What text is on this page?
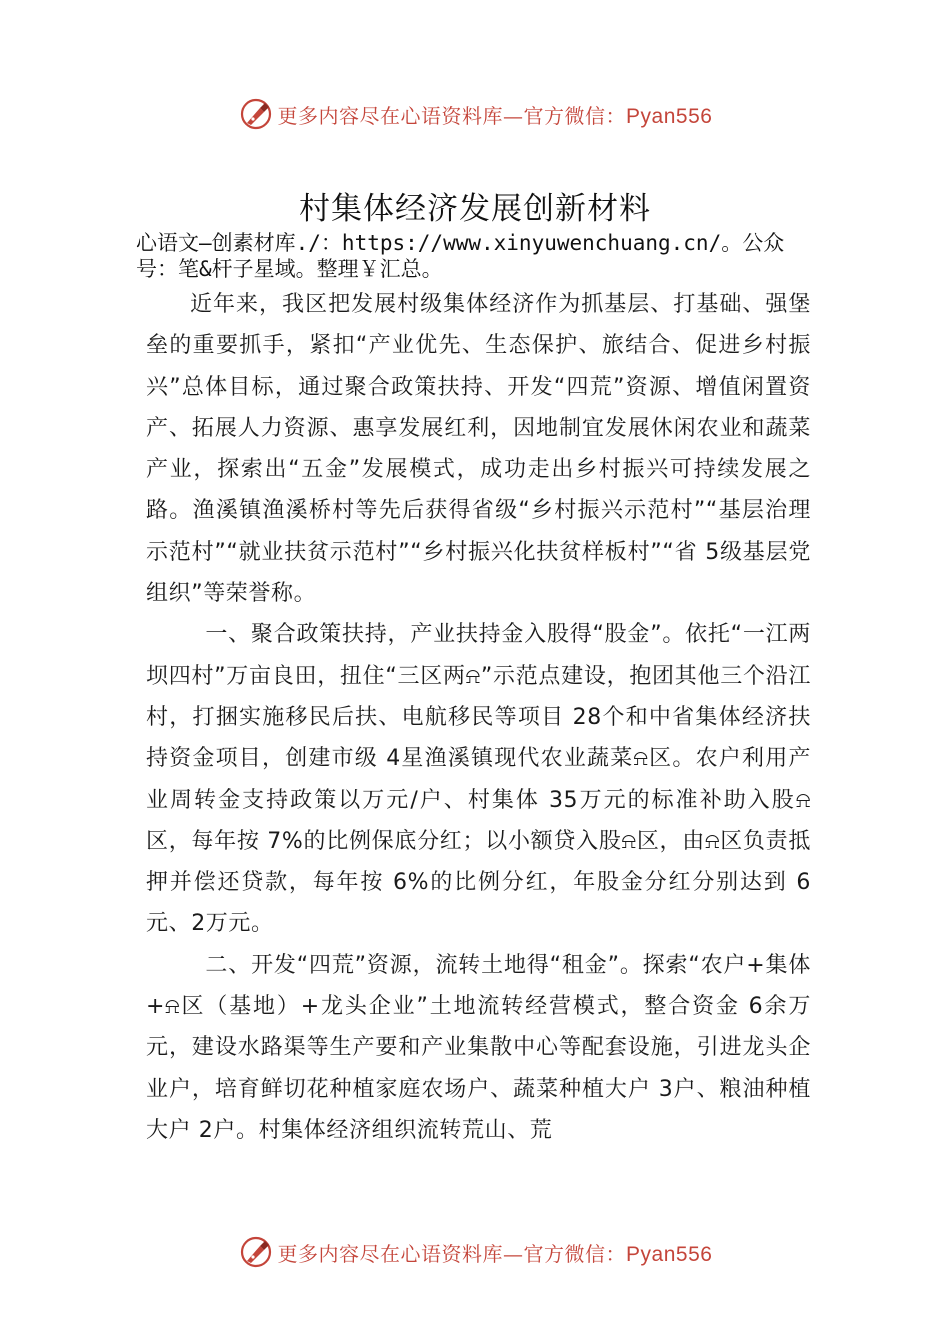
更多内容尽在心语资料库—官方微信：Pyan556
村集体经济发展创新材料

心语文—创素材库./：https://www.xinyuwenchuang.cn/。公众号：笔&杆子星域。整理￥汇总。

近年来，我区把发展村级集体经济作为抓基层、打基础、强堡垒的重要抓手，紧扣“产业优先、生态保护、旅结合、促进乡村振兴”总体目标，通过聚合政策扶持、开发“四荒”资源、增值闲置资产、拓展人力资源、惠享发展红利，因地制宜发展休闲农业和蔬菜产业，探索出“五金”发展模式，成功走出乡村振兴可持续发展之路。渔溪镇渔溪桥村等先后获得省级“乡村振兴示范村”“基层治理示范村”“就业扶贫示范村”“乡村振兴化扶贫样板村”“省 5级基层党组织”等荣誉称。

一、聚合政策扶持，产业扶持金入股得“股金”。依托“一江两坝四村”万亩良田，扭住“三区两⍾”示范点建设，抱团其他三个沿江村，打捆实施移民后扶、电航移民等项目 28个和中省集体经济扶持资金项目，创建市级 4星渔溪镇现代农业蔬菜⍾区。农户利用产业周转金支持政策以万元/户、村集体 35万元的标准补助入股⍾区，每年按 7%的比例保底分红；以小额贷入股⍾区，由⍾区负责抵押并偿还贷款，每年按 6%的比例分红，年股金分红分别达到 6元、2万元。

二、开发“四荒”资源，流转土地得“租金”。探索“农户+集体+⍾区（基地）+龙头企业”土地流转经营模式，整合资金 6余万元，建设水路渠等生产要和产业集散中心等配套设施，引进龙头企业户，培育鲜切花种植家庭农场户、蔬菜种植大户 3户、粮油种植大户 2户。村集体经济组织流转荒山、荒

更多内容尽在心语资料库—官方微信：Pyan556
